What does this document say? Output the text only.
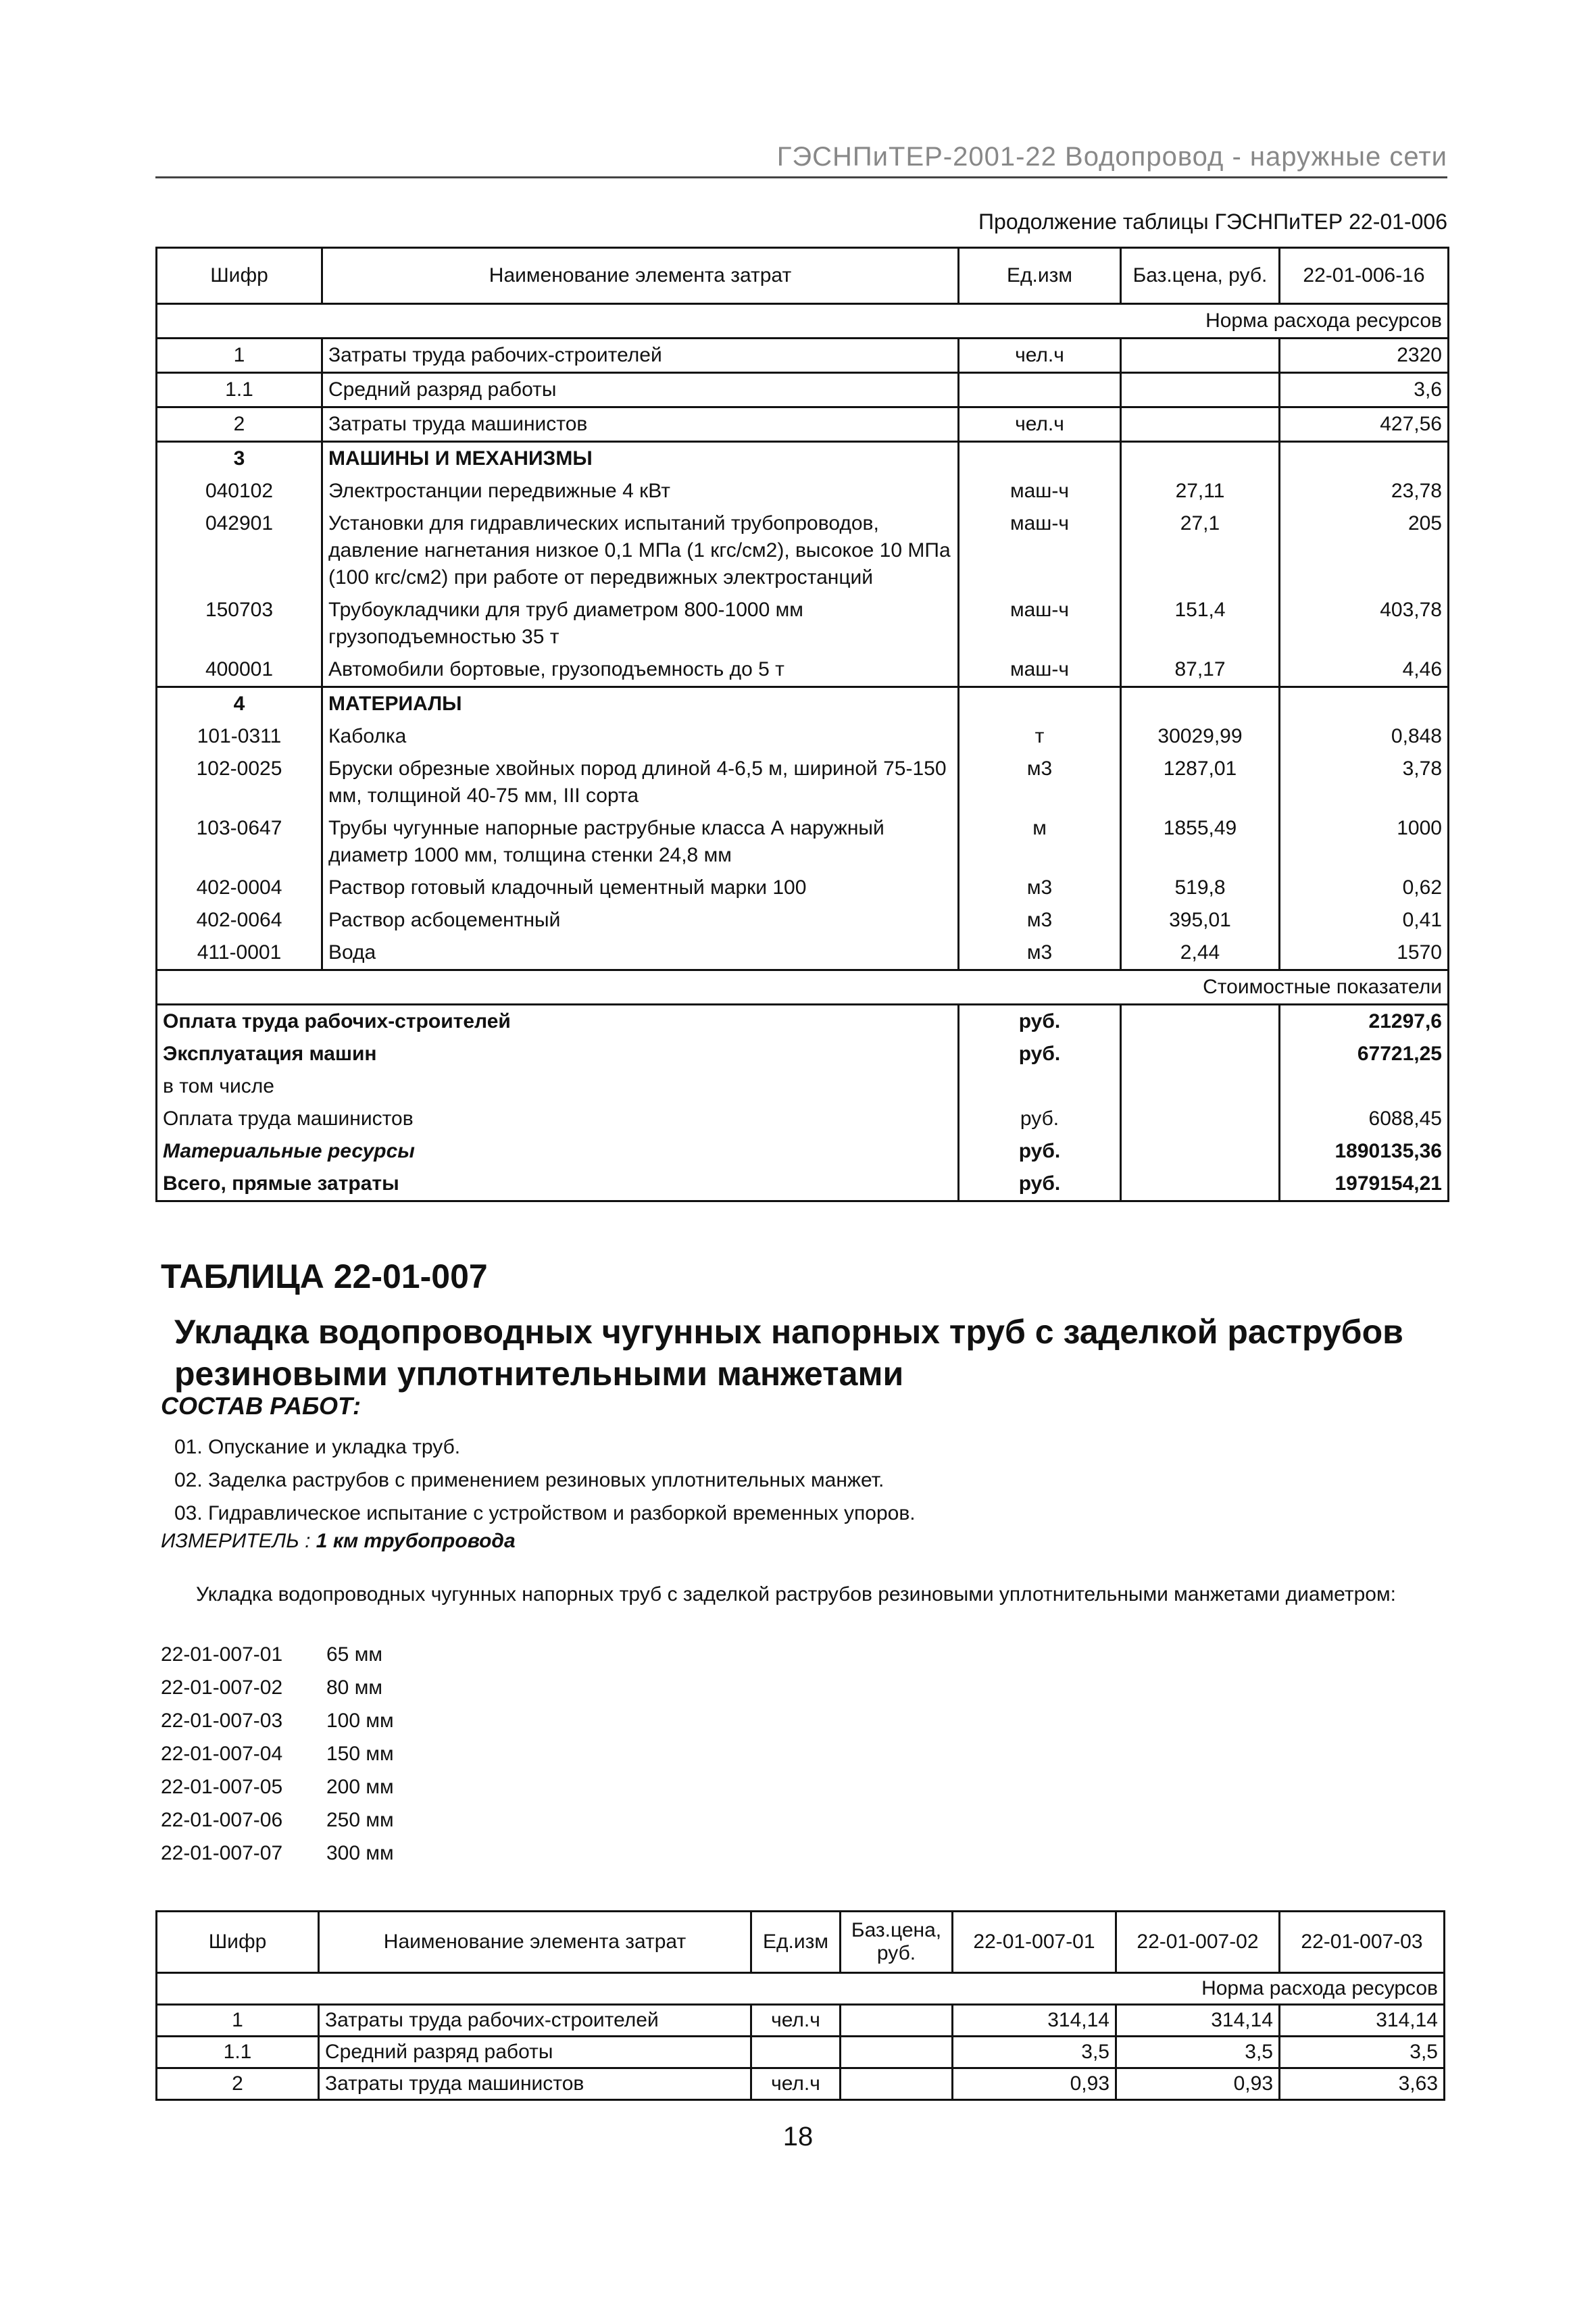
ГЭСНПиТЕР-2001-22 Водопровод - наружные сети
Продолжение таблицы ГЭСНПиТЕР 22-01-006
Шифр	Наименование элемента затрат	Ед.изм	Баз.цена, руб.	22-01-006-16
Норма расхода ресурсов				
1	Затраты труда рабочих-строителей	чел.ч		2320
1.1	Средний разряд работы			3,6
2	Затраты труда машинистов	чел.ч		427,56
3	МАШИНЫ И МЕХАНИЗМЫ			
040102	Электростанции передвижные 4 кВт	маш-ч	27,11	23,78
042901	Установки для гидравлических испытаний трубопроводов, давление нагнетания низкое 0,1 МПа (1 кгс/см2), высокое 10 МПа (100 кгс/см2) при работе от передвижных электростанций	маш-ч	27,1	205
150703	Трубоукладчики для труб диаметром 800-1000 мм грузоподъемностью 35 т	маш-ч	151,4	403,78
400001	Автомобили бортовые, грузоподъемность до 5 т	маш-ч	87,17	4,46
4	МАТЕРИАЛЫ			
101-0311	Каболка	т	30029,99	0,848
102-0025	Бруски обрезные хвойных пород длиной 4-6,5 м, шириной 75-150 мм, толщиной 40-75 мм, III сорта	м3	1287,01	3,78
103-0647	Трубы чугунные напорные раструбные класса А наружный диаметр 1000 мм, толщина стенки 24,8 мм	м	1855,49	1000
402-0004	Раствор готовый кладочный цементный марки 100	м3	519,8	0,62
402-0064	Раствор асбоцементный	м3	395,01	0,41
411-0001	Вода	м3	2,44	1570
Стоимостные показатели				
Оплата труда рабочих-строителей		руб.		21297,6
Эксплуатация машин		руб.		67721,25
в том числе				
Оплата труда машинистов		руб.		6088,45
Материальные ресурсы		руб.		1890135,36
Всего, прямые затраты		руб.		1979154,21
ТАБЛИЦА 22-01-007
Укладка водопроводных чугунных напорных труб с заделкой раструбов резиновыми уплотнительными манжетами
СОСТАВ РАБОТ:
01. Опускание и укладка труб.
02. Заделка раструбов с применением резиновых уплотнительных манжет.
03. Гидравлическое испытание с устройством и разборкой временных упоров.
ИЗМЕРИТЕЛЬ : 1 км трубопровода
Укладка водопроводных чугунных напорных труб с заделкой раструбов резиновыми уплотнительными манжетами диаметром:
22-01-007-01	65 мм
22-01-007-02	80 мм
22-01-007-03	100 мм
22-01-007-04	150 мм
22-01-007-05	200 мм
22-01-007-06	250 мм
22-01-007-07	300 мм
Шифр	Наименование элемента затрат	Ед.изм	Баз.цена, руб.	22-01-007-01	22-01-007-02	22-01-007-03
Норма расхода ресурсов						
1	Затраты труда рабочих-строителей	чел.ч		314,14	314,14	314,14
1.1	Средний разряд работы			3,5	3,5	3,5
2	Затраты труда машинистов	чел.ч		0,93	0,93	3,63
18
